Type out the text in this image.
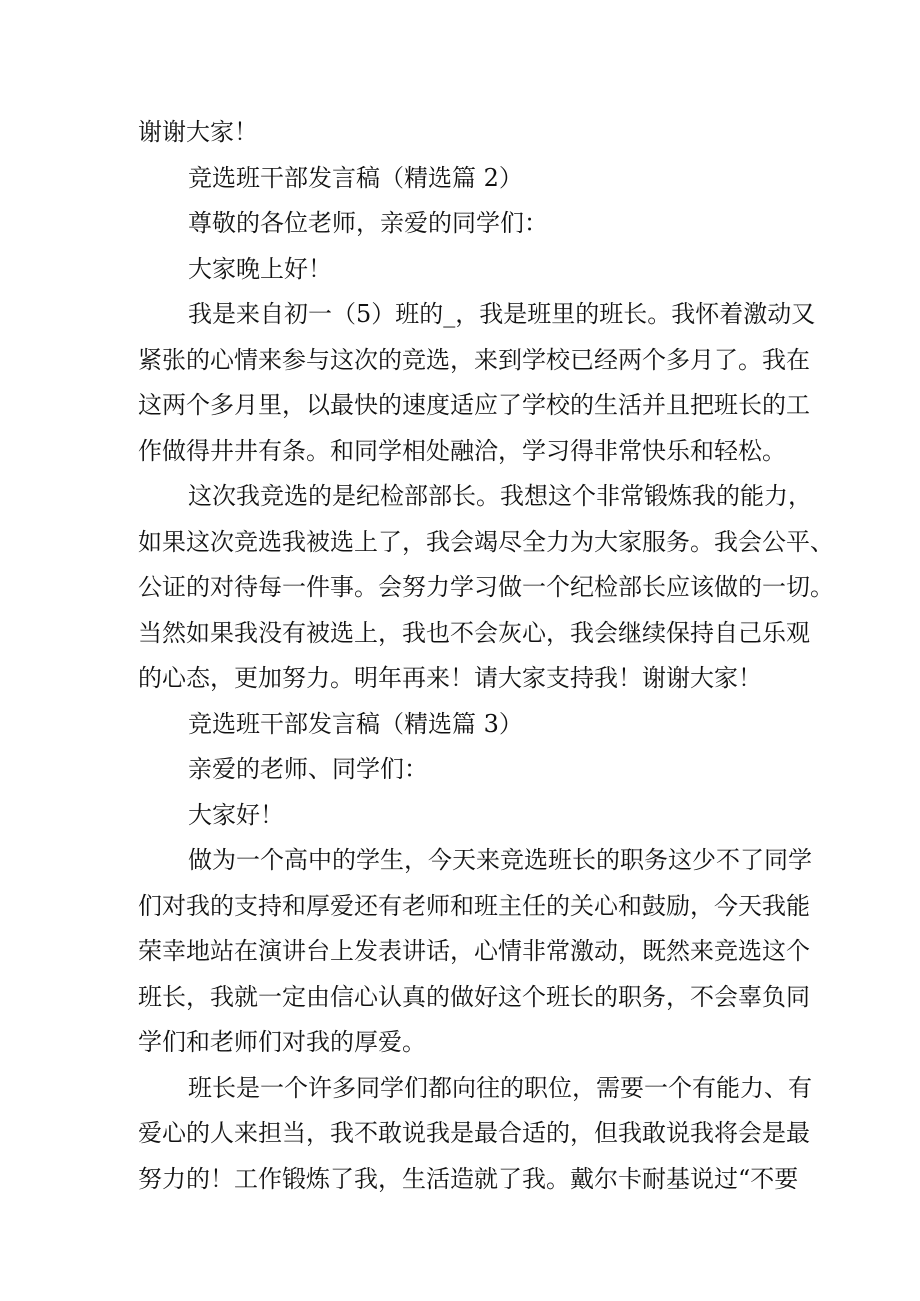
谢谢大家！
竞选班干部发言稿（精选篇 2）
尊敬的各位老师，亲爱的同学们：
大家晚上好！
我是来自初一（5）班的_，我是班里的班长。我怀着激动又
紧张的心情来参与这次的竞选，来到学校已经两个多月了。我在
这两个多月里，以最快的速度适应了学校的生活并且把班长的工
作做得井井有条。和同学相处融洽，学习得非常快乐和轻松。
这次我竞选的是纪检部部长。我想这个非常锻炼我的能力，
如果这次竞选我被选上了，我会竭尽全力为大家服务。我会公平、
公证的对待每一件事。会努力学习做一个纪检部长应该做的一切。
当然如果我没有被选上，我也不会灰心，我会继续保持自己乐观
的心态，更加努力。明年再来！请大家支持我！谢谢大家！
竞选班干部发言稿（精选篇 3）
亲爱的老师、同学们：
大家好！
做为一个高中的学生，今天来竞选班长的职务这少不了同学
们对我的支持和厚爱还有老师和班主任的关心和鼓励，今天我能
荣幸地站在演讲台上发表讲话，心情非常激动，既然来竞选这个
班长，我就一定由信心认真的做好这个班长的职务，不会辜负同
学们和老师们对我的厚爱。
班长是一个许多同学们都向往的职位，需要一个有能力、有
爱心的人来担当，我不敢说我是最合适的，但我敢说我将会是最
努力的！工作锻炼了我，生活造就了我。戴尔卡耐基说过“不要
